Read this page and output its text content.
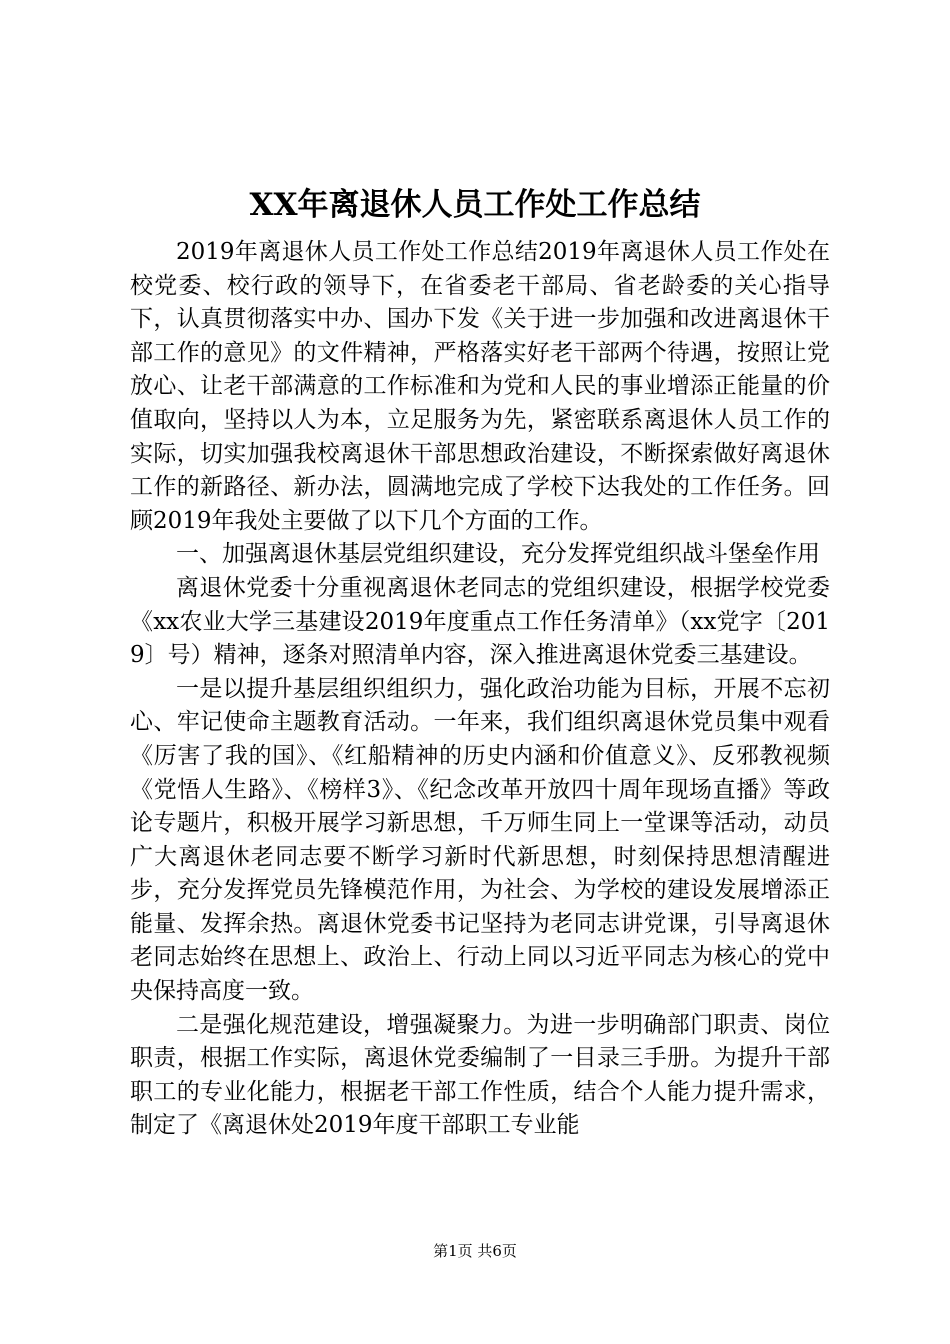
XX年离退休人员工作处工作总结

2019年离退休人员工作处工作总结2019年离退休人员工作处在校党委、校行政的领导下，在省委老干部局、省老龄委的关心指导下，认真贯彻落实中办、国办下发《关于进一步加强和改进离退休干部工作的意见》的文件精神，严格落实好老干部两个待遇，按照让党放心、让老干部满意的工作标准和为党和人民的事业增添正能量的价值取向，坚持以人为本，立足服务为先，紧密联系离退休人员工作的实际，切实加强我校离退休干部思想政治建设，不断探索做好离退休工作的新路径、新办法，圆满地完成了学校下达我处的工作任务。回顾2019年我处主要做了以下几个方面的工作。

一、加强离退休基层党组织建设，充分发挥党组织战斗堡垒作用

离退休党委十分重视离退休老同志的党组织建设，根据学校党委《xx农业大学三基建设2019年度重点工作任务清单》（xx党字〔2019〕号）精神，逐条对照清单内容，深入推进离退休党委三基建设。

一是以提升基层组织组织力，强化政治功能为目标，开展不忘初心、牢记使命主题教育活动。一年来，我们组织离退休党员集中观看《厉害了我的国》、《红船精神的历史内涵和价值意义》、反邪教视频《党悟人生路》、《榜样3》、《纪念改革开放四十周年现场直播》等政论专题片，积极开展学习新思想，千万师生同上一堂课等活动，动员广大离退休老同志要不断学习新时代新思想，时刻保持思想清醒进步，充分发挥党员先锋模范作用，为社会、为学校的建设发展增添正能量、发挥余热。离退休党委书记坚持为老同志讲党课，引导离退休老同志始终在思想上、政治上、行动上同以习近平同志为核心的党中央保持高度一致。

二是强化规范建设，增强凝聚力。为进一步明确部门职责、岗位职责，根据工作实际，离退休党委编制了一目录三手册。为提升干部职工的专业化能力，根据老干部工作性质，结合个人能力提升需求，制定了《离退休处2019年度干部职工专业能

第1页 共6页
